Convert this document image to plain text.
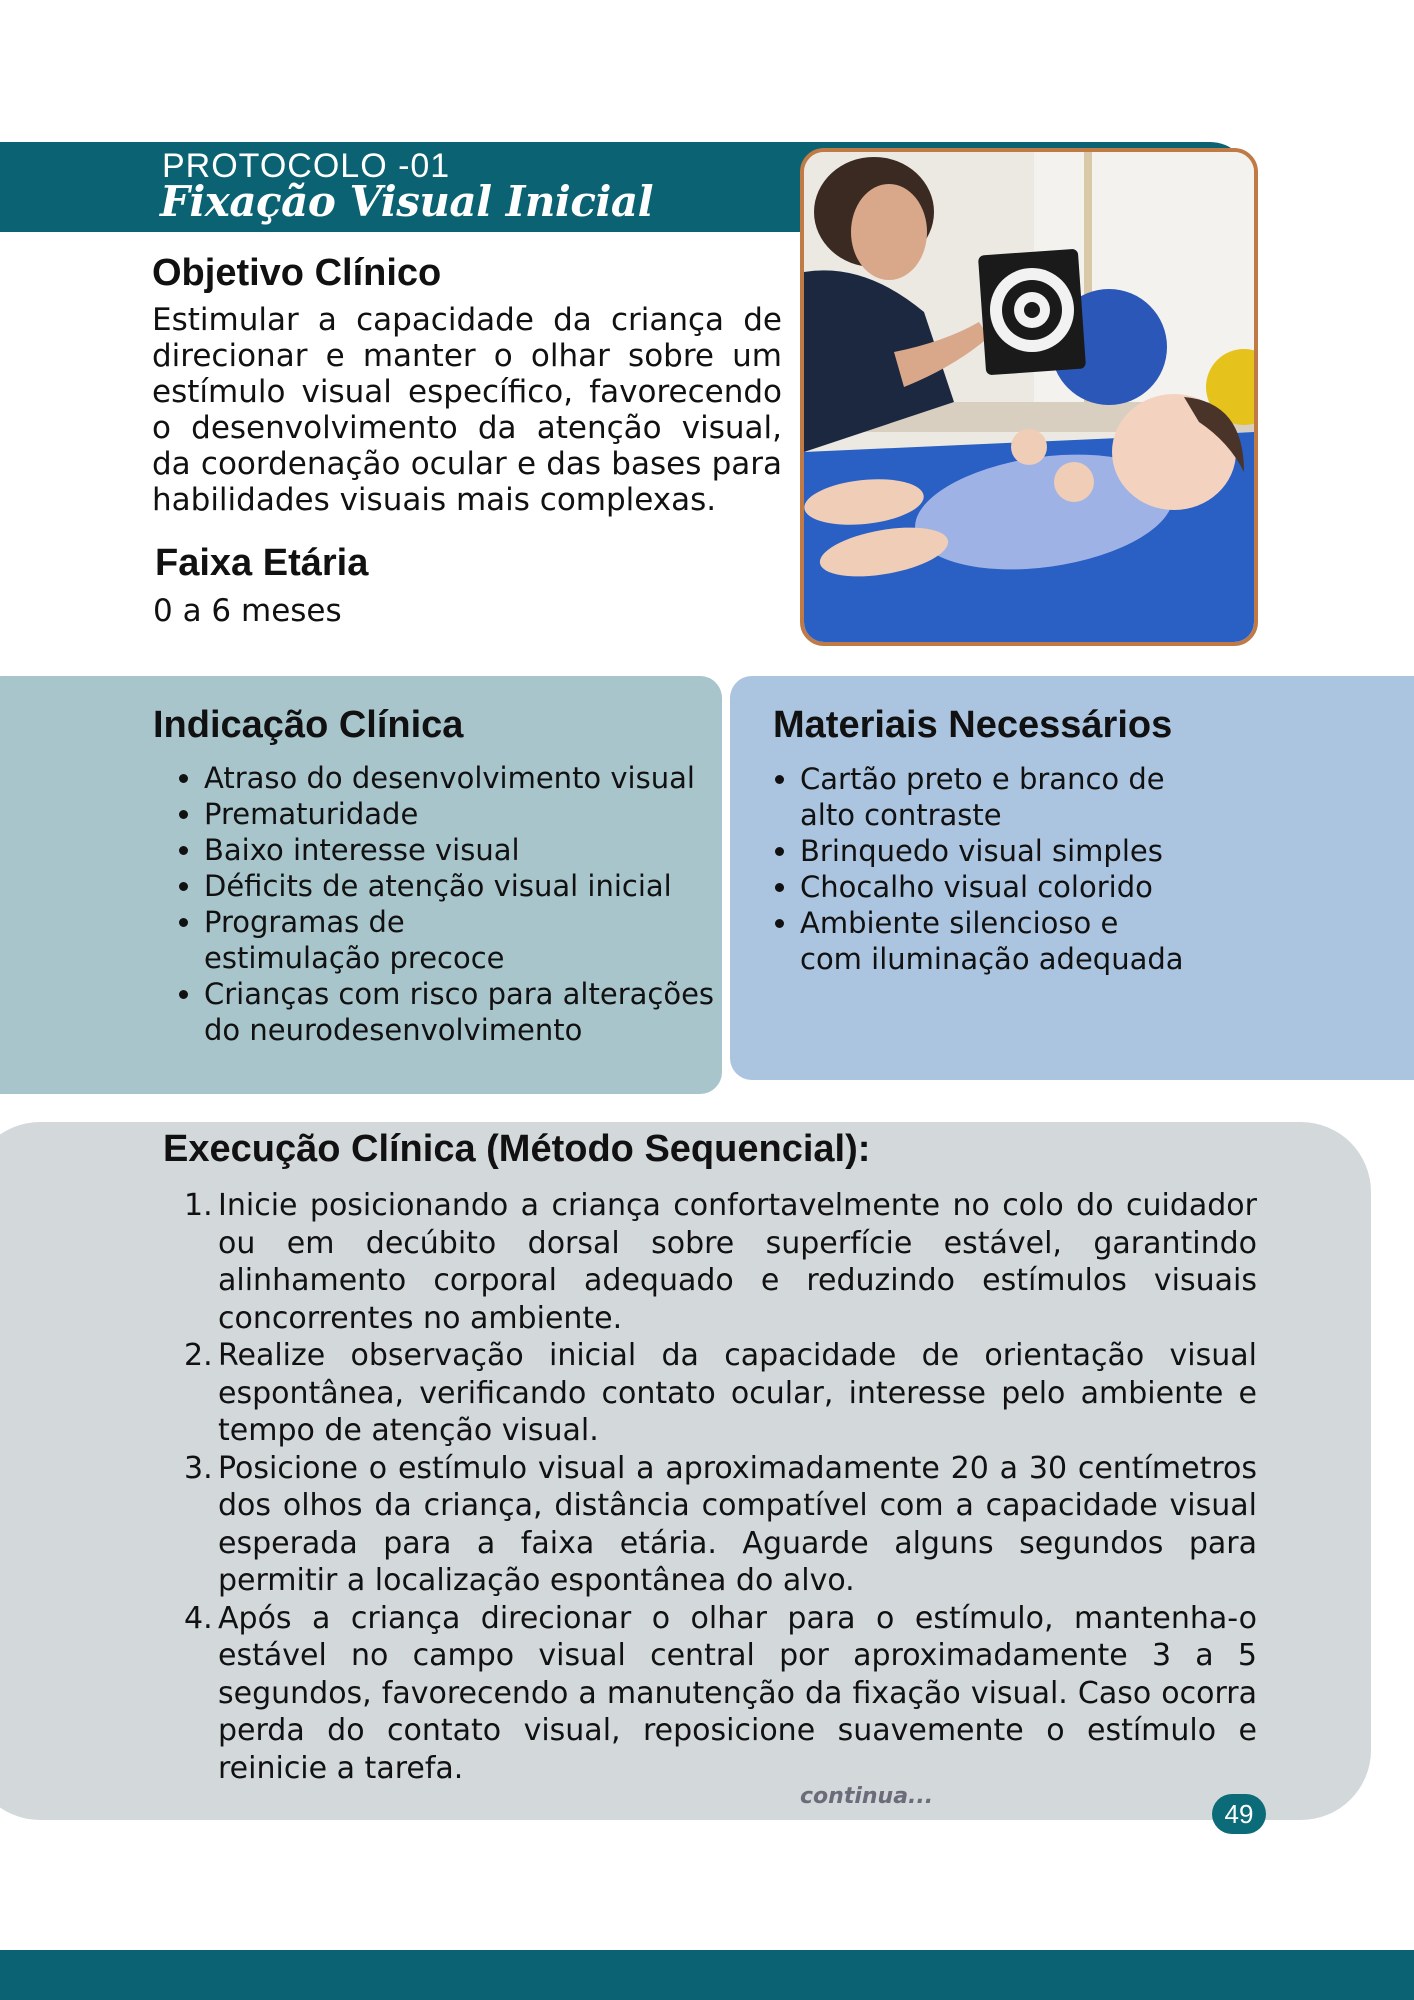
PROTOCOLO -01
Fixação Visual Inicial
Objetivo Clínico
Estimular a capacidade da criança de direcionar e manter o olhar sobre um estímulo visual específico, favorecendo o desenvolvimento da atenção visual, da coordenação ocular e das bases para habilidades visuais mais complexas.
Faixa Etária
0 a 6 meses
Indicação Clínica
• Atraso do desenvolvimento visual
• Prematuridade
• Baixo interesse visual
• Déficits de atenção visual inicial
• Programas de estimulação precoce
• Crianças com risco para alterações do neurodesenvolvimento
Materiais Necessários
• Cartão preto e branco de alto contraste
• Brinquedo visual simples
• Chocalho visual colorido
• Ambiente silencioso e com iluminação adequada
Execução Clínica (Método Sequencial):
1. Inicie posicionando a criança confortavelmente no colo do cuidador ou em decúbito dorsal sobre superfície estável, garantindo alinhamento corporal adequado e reduzindo estímulos visuais concorrentes no ambiente.
2. Realize observação inicial da capacidade de orientação visual espontânea, verificando contato ocular, interesse pelo ambiente e tempo de atenção visual.
3. Posicione o estímulo visual a aproximadamente 20 a 30 centímetros dos olhos da criança, distância compatível com a capacidade visual esperada para a faixa etária. Aguarde alguns segundos para permitir a localização espontânea do alvo.
4. Após a criança direcionar o olhar para o estímulo, mantenha-o estável no campo visual central por aproximadamente 3 a 5 segundos, favorecendo a manutenção da fixação visual. Caso ocorra perda do contato visual, reposicione suavemente o estímulo e reinicie a tarefa.
continua...
49
